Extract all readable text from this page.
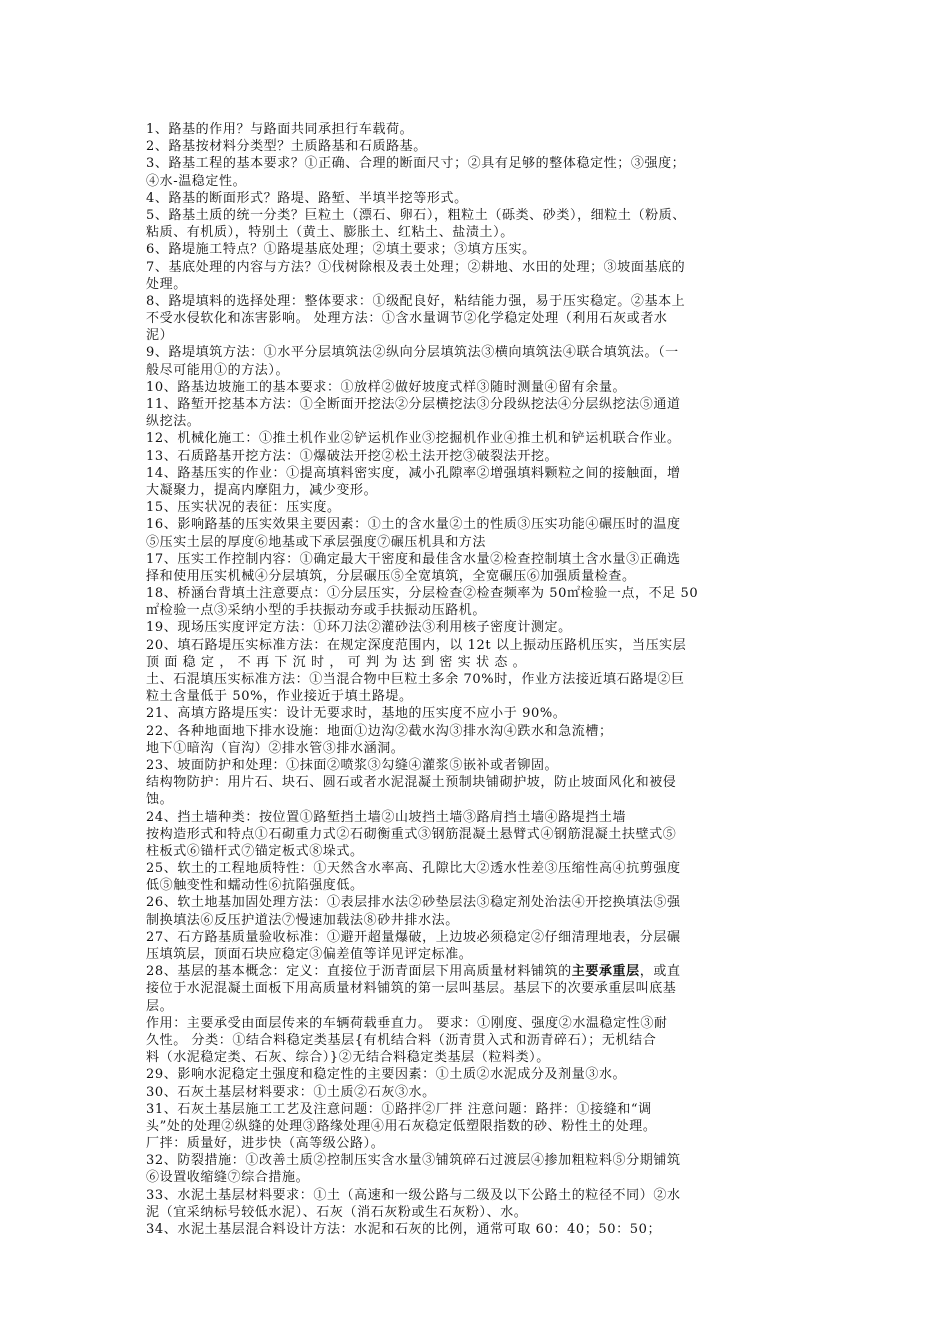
1、路基的作用？与路面共同承担行车载荷。
2、路基按材料分类型？土质路基和石质路基。
3、路基工程的基本要求？①正确、合理的断面尺寸；②具有足够的整体稳定性；③强度；
④水-温稳定性。
4、路基的断面形式？路堤、路堑、半填半挖等形式。
5、路基土质的统一分类？巨粒土（漂石、卵石），粗粒土（砾类、砂类），细粒土（粉质、
粘质、有机质），特别土（黄土、膨胀土、红粘土、盐渍土）。
6、路堤施工特点？①路堤基底处理；②填土要求；③填方压实。
7、基底处理的内容与方法？①伐树除根及表土处理；②耕地、水田的处理；③坡面基底的
处理。
8、路堤填料的选择处理：整体要求：①级配良好，粘结能力强，易于压实稳定。②基本上
不受水侵软化和冻害影响。 处理方法：①含水量调节②化学稳定处理（利用石灰或者水
泥）
9、路堤填筑方法：①水平分层填筑法②纵向分层填筑法③横向填筑法④联合填筑法。（一
般尽可能用①的方法）。
10、路基边坡施工的基本要求：①放样②做好坡度式样③随时测量④留有余量。
11、路堑开挖基本方法：①全断面开挖法②分层横挖法③分段纵挖法④分层纵挖法⑤通道
纵挖法。
12、机械化施工：①推土机作业②铲运机作业③挖掘机作业④推土机和铲运机联合作业。
13、石质路基开挖方法：①爆破法开挖②松土法开挖③破裂法开挖。
14、路基压实的作业：①提高填料密实度，减小孔隙率②增强填料颗粒之间的接触面，增
大凝聚力，提高内摩阻力，减少变形。
15、压实状况的表征：压实度。
16、影响路基的压实效果主要因素：①土的含水量②土的性质③压实功能④碾压时的温度
⑤压实土层的厚度⑥地基或下承层强度⑦碾压机具和方法
17、压实工作控制内容：①确定最大干密度和最佳含水量②检查控制填土含水量③正确选
择和使用压实机械④分层填筑，分层碾压⑤全宽填筑，全宽碾压⑥加强质量检查。
18、桥涵台背填土注意要点：①分层压实，分层检查②检查频率为 50㎡检验一点，不足 50
㎡检验一点③采纳小型的手扶振动夯或手扶振动压路机。
19、现场压实度评定方法：①环刀法②灌砂法③利用核子密度计测定。
20、填石路堤压实标准方法：在规定深度范围内，以 12t 以上振动压路机压实，当压实层
顶 面 稳 定 ， 不 再 下 沉 时 ， 可 判 为 达 到 密 实 状 态 。
土、石混填压实标准方法：①当混合物中巨粒土多余 70%时，作业方法接近填石路堤②巨
粒土含量低于 50%，作业接近于填土路堤。
21、高填方路堤压实：设计无要求时，基地的压实度不应小于 90%。
22、各种地面地下排水设施：地面①边沟②截水沟③排水沟④跌水和急流槽；
地下①暗沟（盲沟）②排水管③排水涵洞。
23、坡面防护和处理：①抹面②喷浆③勾缝④灌浆⑤嵌补或者铆固。
结构物防护：用片石、块石、圆石或者水泥混凝土预制块铺砌护坡，防止坡面风化和被侵
蚀。
24、挡土墙种类：按位置①路堑挡土墙②山坡挡土墙③路肩挡土墙④路堤挡土墙
按构造形式和特点①石砌重力式②石砌衡重式③钢筋混凝土悬臂式④钢筋混凝土扶壁式⑤
柱板式⑥锚杆式⑦锚定板式⑧垛式。
25、软土的工程地质特性：①天然含水率高、孔隙比大②透水性差③压缩性高④抗剪强度
低⑤触变性和蠕动性⑥抗陷强度低。
26、软土地基加固处理方法：①表层排水法②砂垫层法③稳定剂处治法④开挖换填法⑤强
制换填法⑥反压护道法⑦慢速加载法⑧砂井排水法。
27、石方路基质量验收标准：①避开超量爆破，上边坡必须稳定②仔细清理地表，分层碾
压填筑层，顶面石块应稳定③偏差值等详见评定标准。
28、基层的基本概念：定义：直接位于沥青面层下用高质量材料铺筑的主要承重层，或直
接位于水泥混凝土面板下用高质量材料铺筑的第一层叫基层。基层下的次要承重层叫底基
层。
作用：主要承受由面层传来的车辆荷载垂直力。 要求：①刚度、强度②水温稳定性③耐
久性。 分类：①结合料稳定类基层{有机结合料（沥青贯入式和沥青碎石）；无机结合
料（水泥稳定类、石灰、综合）}②无结合料稳定类基层（粒料类）。
29、影响水泥稳定土强度和稳定性的主要因素：①土质②水泥成分及剂量③水。
30、石灰土基层材料要求：①土质②石灰③水。
31、石灰土基层施工工艺及注意问题：①路拌②厂拌 注意问题：路拌：①接缝和“调
头”处的处理②纵缝的处理③路缘处理④用石灰稳定低塑限指数的砂、粉性土的处理。
厂拌：质量好，进步快（高等级公路）。
32、防裂措施：①改善土质②控制压实含水量③铺筑碎石过渡层④掺加粗粒料⑤分期铺筑
⑥设置收缩缝⑦综合措施。
33、水泥土基层材料要求：①土（高速和一级公路与二级及以下公路土的粒径不同）②水
泥（宜采纳标号较低水泥）、石灰（消石灰粉或生石灰粉）、水。
34、水泥土基层混合料设计方法：水泥和石灰的比例，通常可取 60：40；50：50；
